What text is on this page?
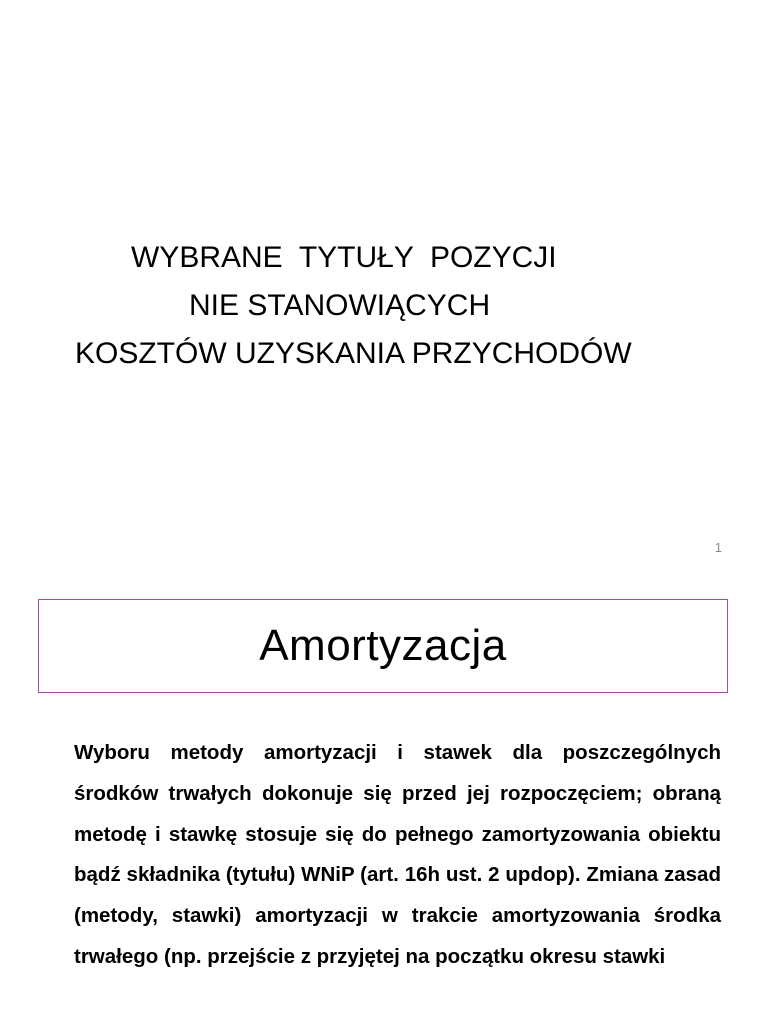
WYBRANE  TYTUŁY  POZYCJI
NIE STANOWIĄCYCH
KOSZTÓW UZYSKANIA PRZYCHODÓW
1
Amortyzacja

Wyboru metody amortyzacji i stawek dla poszczególnych środków trwałych dokonuje się przed jej rozpoczęciem; obraną metodę i stawkę stosuje się do pełnego zamortyzowania obiektu bądź składnika (tytułu) WNiP (art. 16h ust. 2 updop). Zmiana zasad (metody, stawki) amortyzacji w trakcie amortyzowania środka trwałego (np. przejście z przyjętej na początku okresu stawki
